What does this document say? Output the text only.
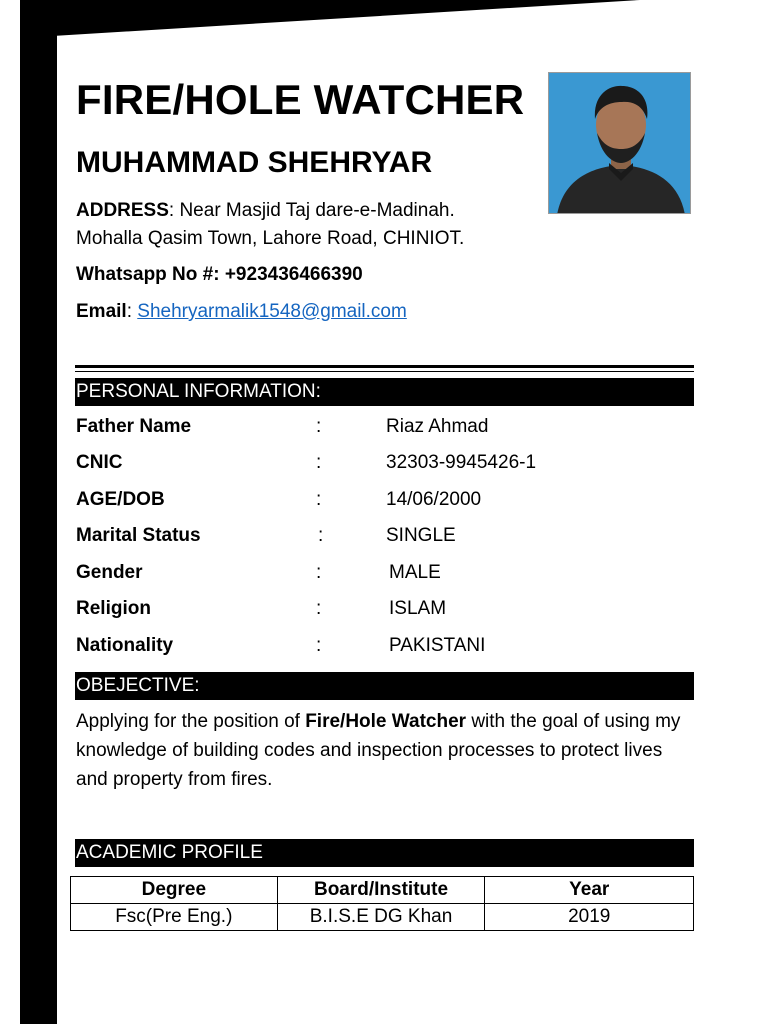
FIRE/HOLE WATCHER
MUHAMMAD SHEHRYAR
ADDRESS: Near Masjid Taj dare-e-Madinah.
Mohalla Qasim Town, Lahore Road, CHINIOT.
Whatsapp No #: +923436466390
Email: Shehryarmalik1548@gmail.com
PERSONAL INFORMATION:
Father Name	:	Riaz Ahmad
CNIC	:	32303-9945426-1
AGE/DOB	:	14/06/2000
Marital Status	:	SINGLE
Gender	:	MALE
Religion	:	ISLAM
Nationality	:	PAKISTANI
OBEJECTIVE:
Applying for the position of Fire/Hole Watcher with the goal of using my knowledge of building codes and inspection processes to protect lives and property from fires.
ACADEMIC PROFILE
Degree	Board/Institute	Year
Fsc(Pre Eng.)	B.I.S.E DG Khan	2019
